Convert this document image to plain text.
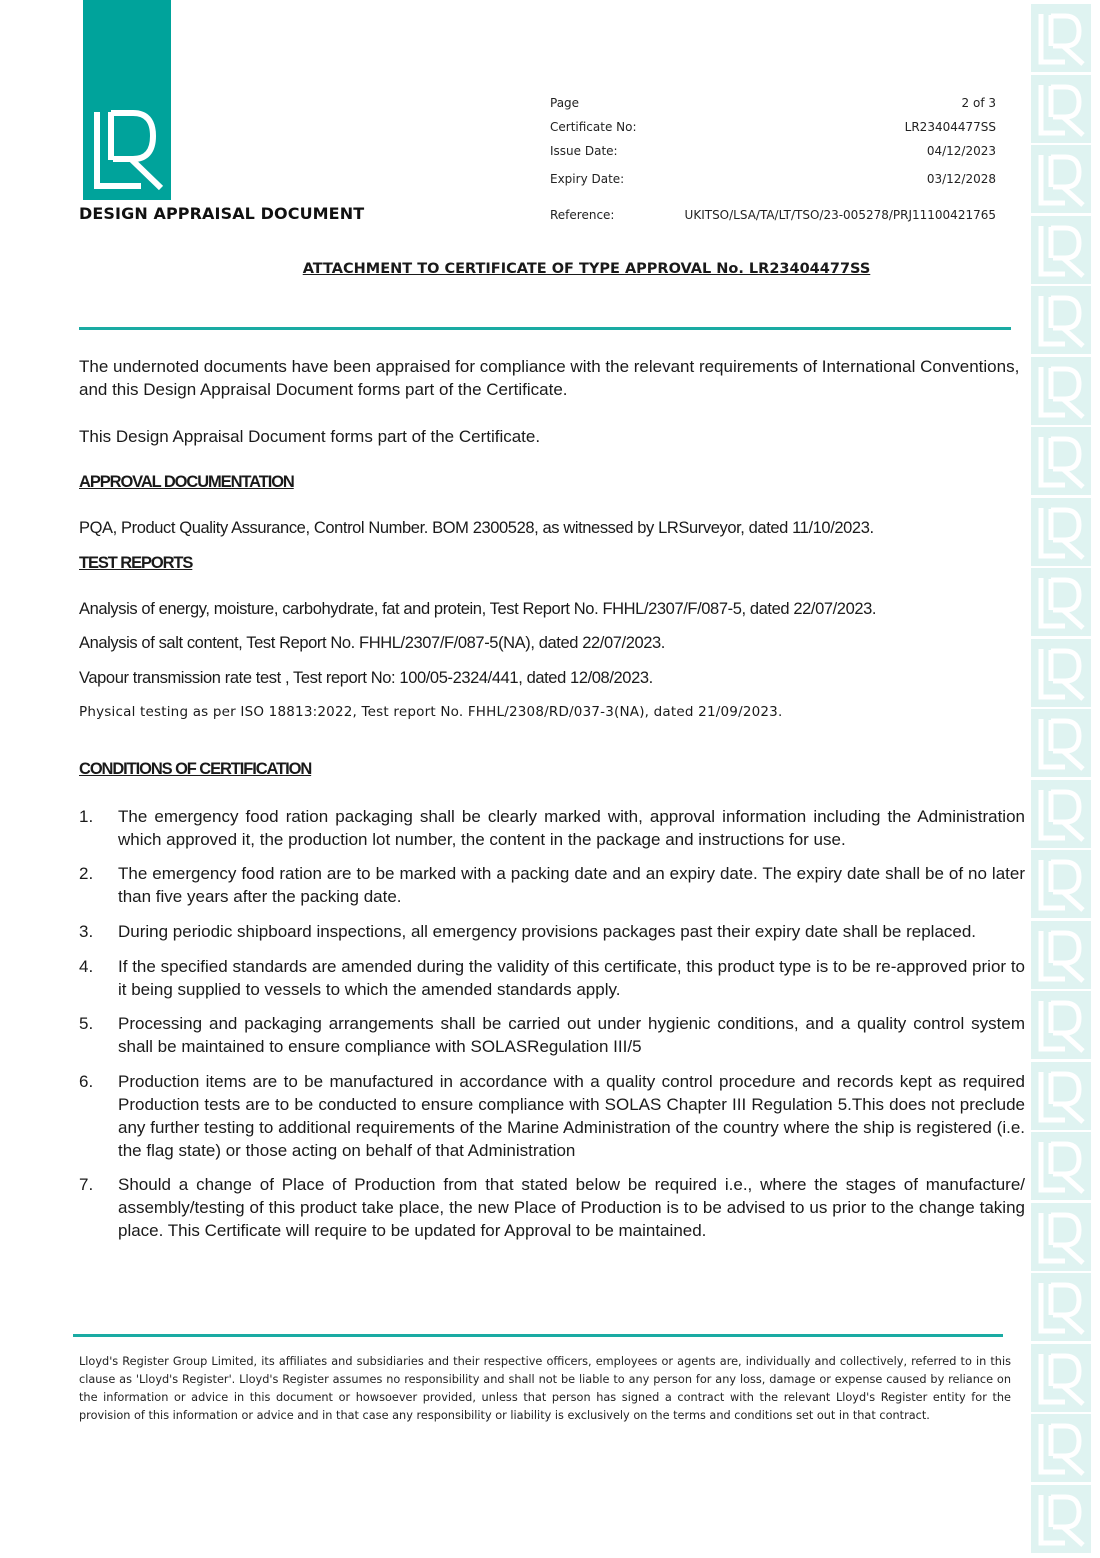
DESIGN APPRAISAL DOCUMENT
Page	2 of 3
Certificate No:	LR23404477SS
Issue Date:	04/12/2023
Expiry Date:	03/12/2028
Reference:	UKITSO/LSA/TA/LT/TSO/23-005278/PRJ11100421765
ATTACHMENT TO CERTIFICATE OF TYPE APPROVAL No. LR23404477SS
The undernoted documents have been appraised for compliance with the relevant requirements of International Conventions, and this Design Appraisal Document forms part of the Certificate.
This Design Appraisal Document forms part of the Certificate.
APPROVAL DOCUMENTATION
PQA, Product Quality Assurance, Control Number. BOM 2300528, as witnessed by LRSurveyor, dated 11/10/2023.
TEST REPORTS
Analysis of energy, moisture, carbohydrate, fat and protein, Test Report No. FHHL/2307/F/087-5, dated 22/07/2023.
Analysis of salt content, Test Report No. FHHL/2307/F/087-5(NA), dated 22/07/2023.
Vapour transmission rate test , Test report No: 100/05-2324/441, dated 12/08/2023.
Physical testing as per ISO 18813:2022, Test report No. FHHL/2308/RD/037-3(NA), dated 21/09/2023.
CONDITIONS OF CERTIFICATION
1. The emergency food ration packaging shall be clearly marked with, approval information including the Administration which approved it, the production lot number, the content in the package and instructions for use.
2. The emergency food ration are to be marked with a packing date and an expiry date. The expiry date shall be of no later than five years after the packing date.
3. During periodic shipboard inspections, all emergency provisions packages past their expiry date shall be replaced.
4. If the specified standards are amended during the validity of this certificate, this product type is to be re-approved prior to it being supplied to vessels to which the amended standards apply.
5. Processing and packaging arrangements shall be carried out under hygienic conditions, and a quality control system shall be maintained to ensure compliance with SOLASRegulation III/5
6. Production items are to be manufactured in accordance with a quality control procedure and records kept as required Production tests are to be conducted to ensure compliance with SOLAS Chapter III Regulation 5.This does not preclude any further testing to additional requirements of the Marine Administration of the country where the ship is registered (i.e. the flag state) or those acting on behalf of that Administration
7. Should a change of Place of Production from that stated below be required i.e., where the stages of manufacture/ assembly/testing of this product take place, the new Place of Production is to be advised to us prior to the change taking place. This Certificate will require to be updated for Approval to be maintained.
Lloyd's Register Group Limited, its affiliates and subsidiaries and their respective officers, employees or agents are, individually and collectively, referred to in this clause as 'Lloyd's Register'. Lloyd's Register assumes no responsibility and shall not be liable to any person for any loss, damage or expense caused by reliance on the information or advice in this document or howsoever provided, unless that person has signed a contract with the relevant Lloyd's Register entity for the provision of this information or advice and in that case any responsibility or liability is exclusively on the terms and conditions set out in that contract.
